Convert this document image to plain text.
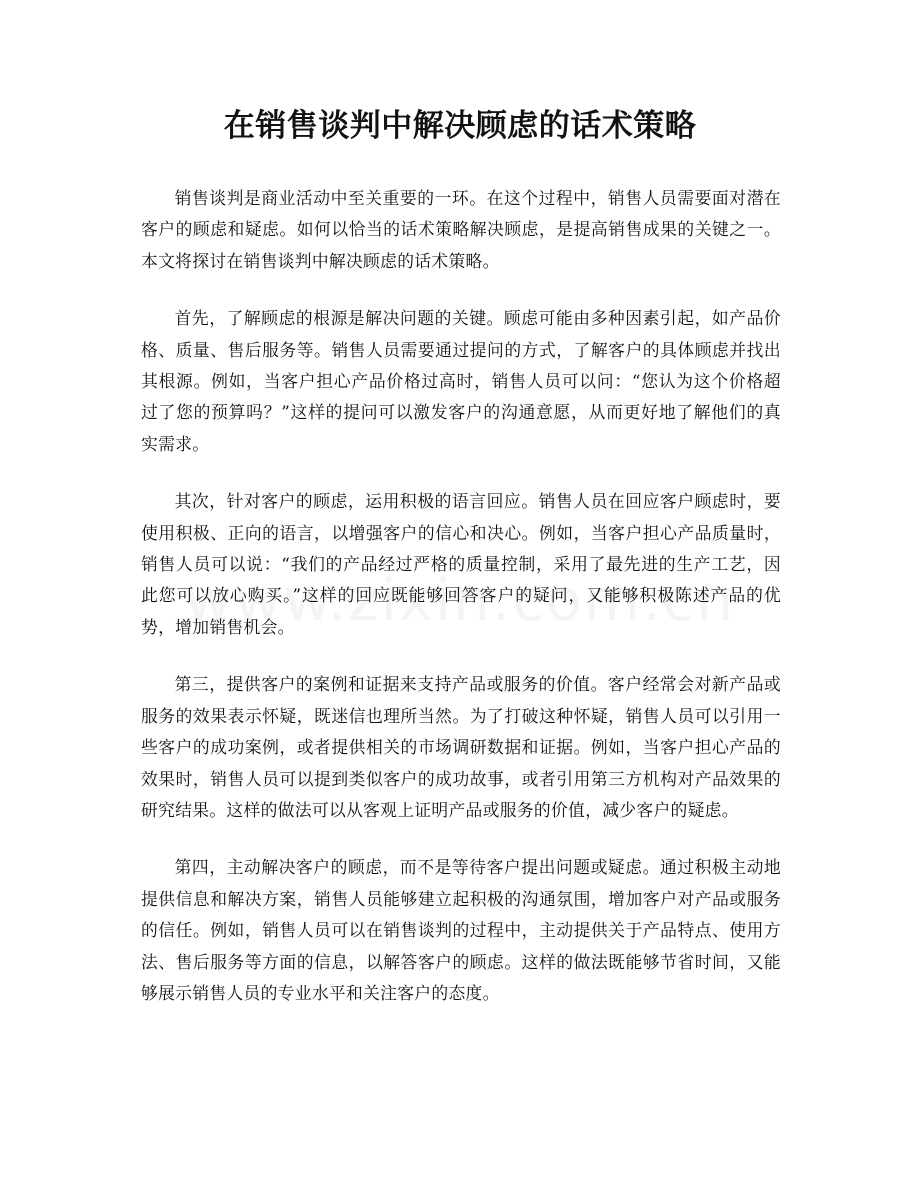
在销售谈判中解决顾虑的话术策略

销售谈判是商业活动中至关重要的一环。在这个过程中，销售人员需要面对潜在客户的顾虑和疑虑。如何以恰当的话术策略解决顾虑，是提高销售成果的关键之一。本文将探讨在销售谈判中解决顾虑的话术策略。

首先，了解顾虑的根源是解决问题的关键。顾虑可能由多种因素引起，如产品价格、质量、售后服务等。销售人员需要通过提问的方式，了解客户的具体顾虑并找出其根源。例如，当客户担心产品价格过高时，销售人员可以问：“您认为这个价格超过了您的预算吗？”这样的提问可以激发客户的沟通意愿，从而更好地了解他们的真实需求。

其次，针对客户的顾虑，运用积极的语言回应。销售人员在回应客户顾虑时，要使用积极、正向的语言，以增强客户的信心和决心。例如，当客户担心产品质量时，销售人员可以说：“我们的产品经过严格的质量控制，采用了最先进的生产工艺，因此您可以放心购买。”这样的回应既能够回答客户的疑问，又能够积极陈述产品的优势，增加销售机会。

第三，提供客户的案例和证据来支持产品或服务的价值。客户经常会对新产品或服务的效果表示怀疑，既迷信也理所当然。为了打破这种怀疑，销售人员可以引用一些客户的成功案例，或者提供相关的市场调研数据和证据。例如，当客户担心产品的效果时，销售人员可以提到类似客户的成功故事，或者引用第三方机构对产品效果的研究结果。这样的做法可以从客观上证明产品或服务的价值，减少客户的疑虑。

第四，主动解决客户的顾虑，而不是等待客户提出问题或疑虑。通过积极主动地提供信息和解决方案，销售人员能够建立起积极的沟通氛围，增加客户对产品或服务的信任。例如，销售人员可以在销售谈判的过程中，主动提供关于产品特点、使用方法、售后服务等方面的信息，以解答客户的顾虑。这样的做法既能够节省时间，又能够展示销售人员的专业水平和关注客户的态度。
